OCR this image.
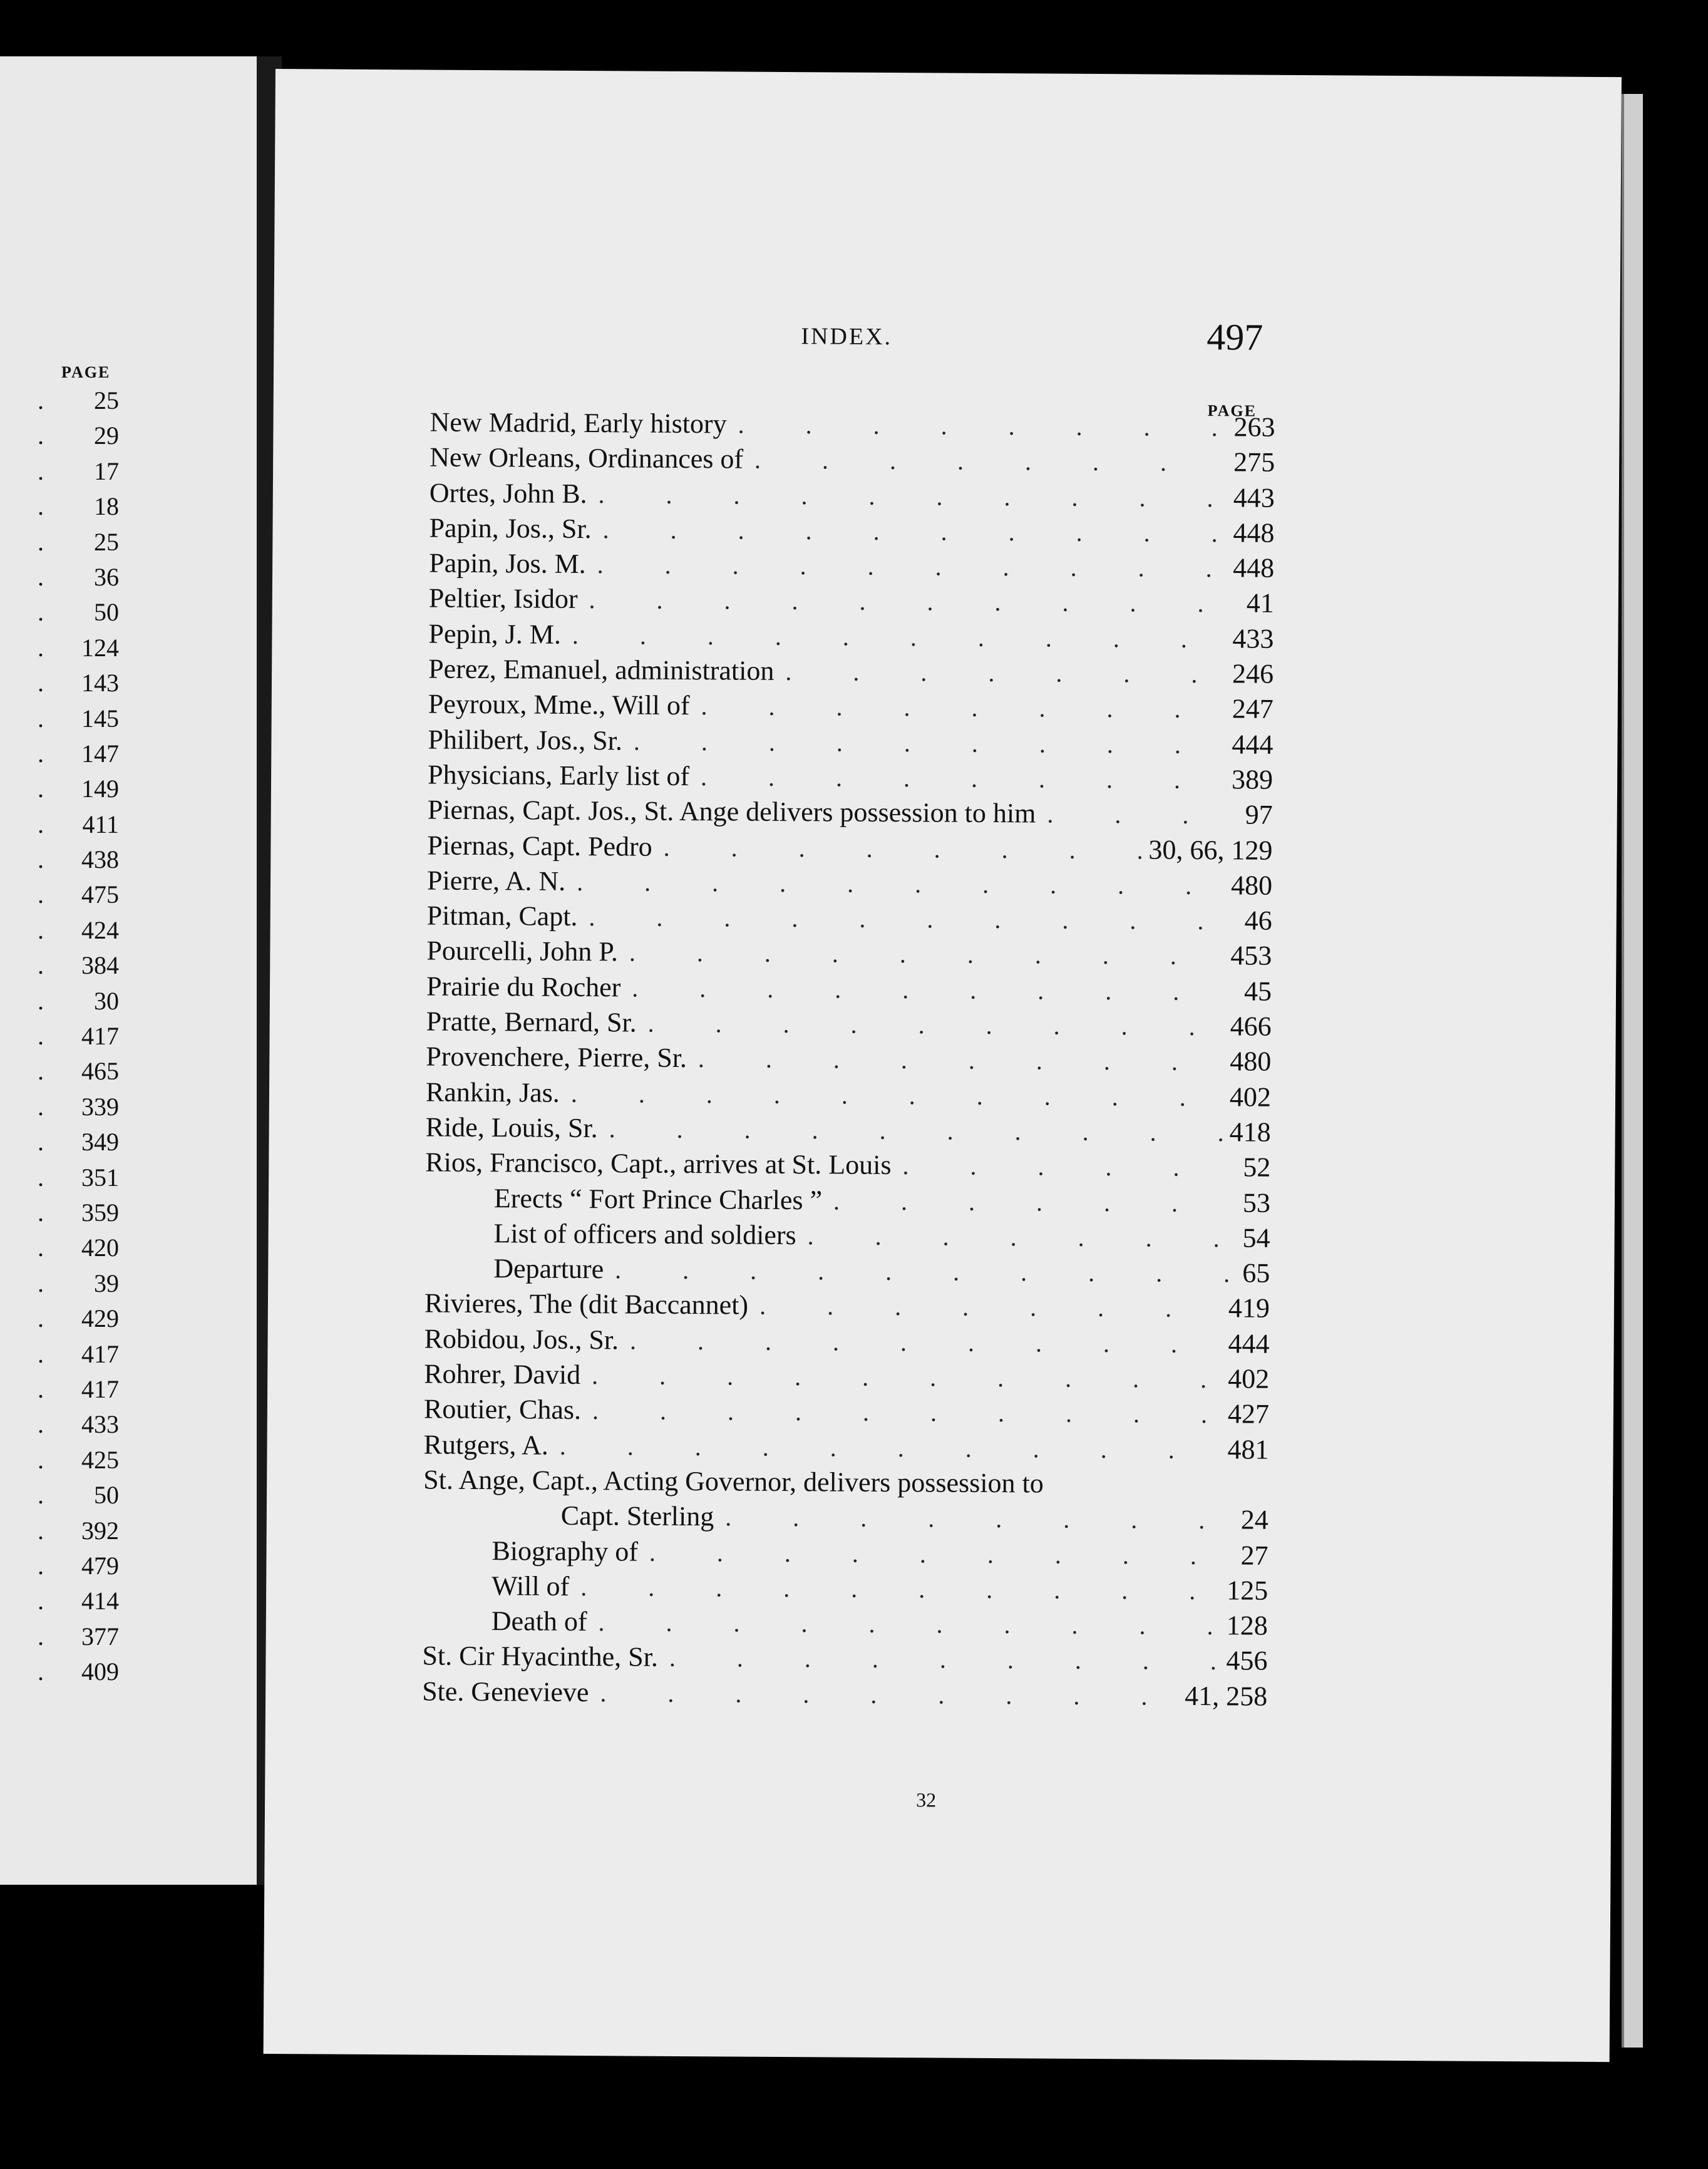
PAGE
. 25
. 29
. 17
. 18
. 25
. 36
. 50
. 124
. 143
. 145
. 147
. 149
. 411
. 438
. 475
. 424
. 384
. 30
. 417
. 465
. 339
. 349
. 351
. 359
. 420
. 39
. 429
. 417
. 417
. 433
. 425
. 50
. 392
. 479
. 414
. 377
. 409
INDEX.	497
PAGE
New Madrid, Early history . . .	263
New Orleans, Ordinances of . . .	275
Ortes, John B. . . .	443
Papin, Jos., Sr. . . .	448
Papin, Jos. M. . . .	448
Peltier, Isidor . . .	41
Pepin, J. M. . . .	433
Perez, Emanuel, administration . . .	246
Peyroux, Mme., Will of . . .	247
Philibert, Jos., Sr. . . .	444
Physicians, Early list of . . .	389
Piernas, Capt. Jos., St. Ange delivers possession to him . . .	97
Piernas, Capt. Pedro . . .	30, 66, 129
Pierre, A. N. . . .	480
Pitman, Capt. . . .	46
Pourcelli, John P. . . .	453
Prairie du Rocher . . .	45
Pratte, Bernard, Sr. . . .	466
Provenchere, Pierre, Sr. . . .	480
Rankin, Jas. . . .	402
Ride, Louis, Sr. . . .	418
Rios, Francisco, Capt., arrives at St. Louis . . .	52
Erects “ Fort Prince Charles ” . . .	53
List of officers and soldiers . . .	54
Departure . . .	65
Rivieres, The (dit Baccannet) . . .	419
Robidou, Jos., Sr. . . .	444
Rohrer, David . . .	402
Routier, Chas. . . .	427
Rutgers, A. . . .	481
St. Ange, Capt., Acting Governor, delivers possession to
Capt. Sterling . . .	24
Biography of . . .	27
Will of . . .	125
Death of . . .	128
St. Cir Hyacinthe, Sr. . . .	456
Ste. Genevieve . . .	41, 258
32
